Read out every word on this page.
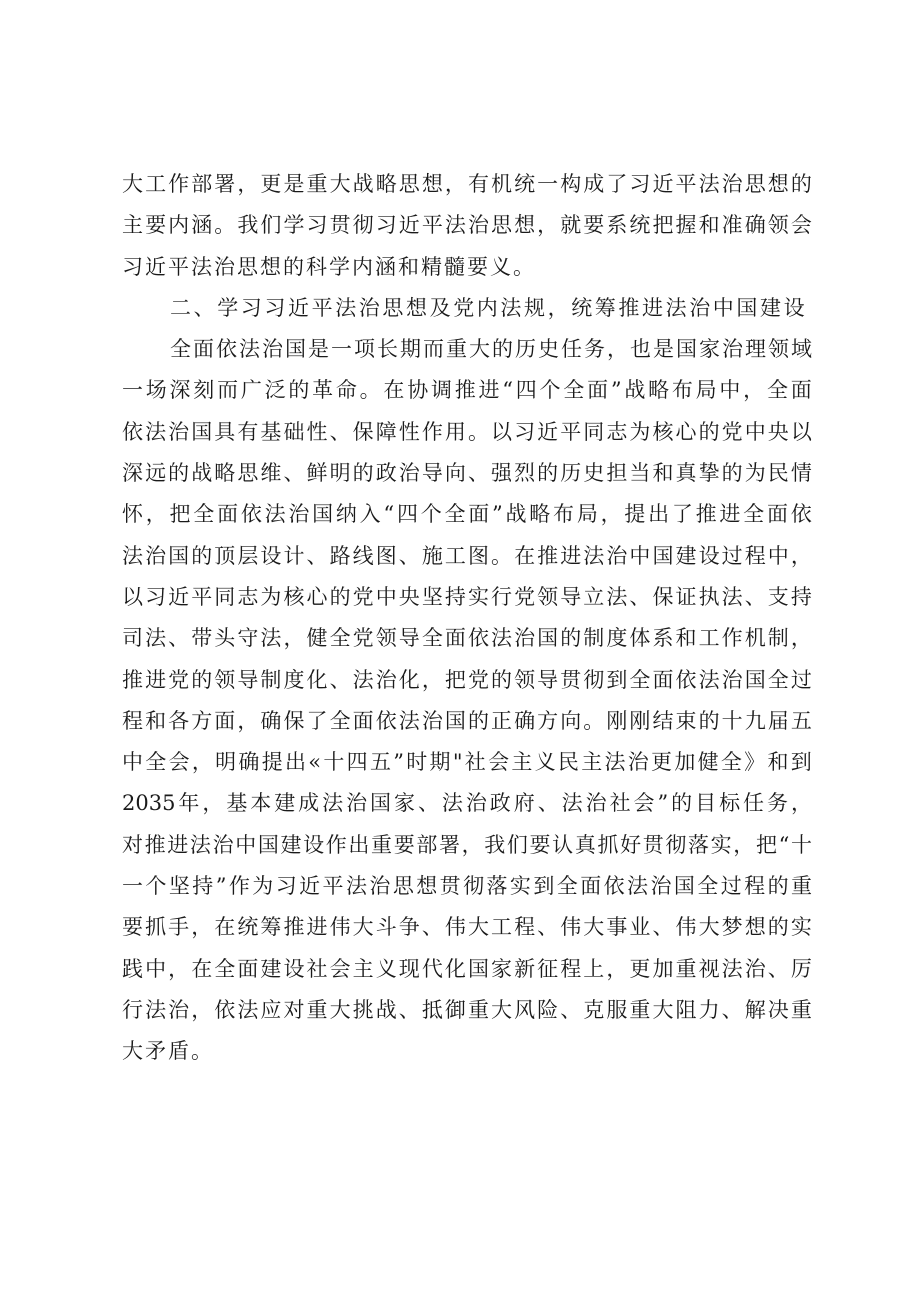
大 工 作 部 署 ， 更 是 重 大 战 略 思 想 ， 有 机 统 一 构 成 了 习 近 平 法 治 思 想 的
主 要 内 涵 。 我 们 学 习 贯 彻 习 近 平 法 治 思 想 ， 就 要 系 统 把 握 和 准 确 领 会
习近平法治思想的科学内涵和精髓要义。
二、学习习近平法治思想及党内法规，统筹推进法治中国建设
全 面 依 法 治 国 是 一 项 长 期 而 重 大 的 历 史 任 务 ， 也 是 国 家 治 理 领 域
一 场 深 刻 而 广 泛 的 革 命 。 在 协 调 推 进 “ 四 个 全 面 ” 战 略 布 局 中 ， 全 面
依 法 治 国 具 有 基 础 性 、 保 障 性 作 用 。 以 习 近 平 同 志 为 核 心 的 党 中 央 以
深 远 的 战 略 思 维 、 鲜 明 的 政 治 导 向 、 强 烈 的 历 史 担 当 和 真 挚 的 为 民 情
怀 ， 把 全 面 依 法 治 国 纳 入 “ 四 个 全 面 ” 战 略 布 局 ， 提 出 了 推 进 全 面 依
法 治 国 的 顶 层 设 计 、 路 线 图 、 施 工 图 。 在 推 进 法 治 中 国 建 设 过 程 中 ，
以 习 近 平 同 志 为 核 心 的 党 中 央 坚 持 实 行 党 领 导 立 法 、 保 证 执 法 、 支 持
司 法 、 带 头 守 法 ， 健 全 党 领 导 全 面 依 法 治 国 的 制 度 体 系 和 工 作 机 制 ，
推 进 党 的 领 导 制 度 化 、 法 治 化 ， 把 党 的 领 导 贯 彻 到 全 面 依 法 治 国 全 过
程 和 各 方 面 ， 确 保 了 全 面 依 法 治 国 的 正 确 方 向 。 刚 刚 结 束 的 十 九 届 五
中 全 会 ， 明 确 提 出 « 十 四 五 ” 时 期 " 社 会 主 义 民 主 法 治 更 加 健 全 》 和 到
2035 年 ， 基 本 建 成 法 治 国 家 、 法 治 政 府 、 法 治 社 会 ” 的 目 标 任 务 ，
对 推 进 法 治 中 国 建 设 作 出 重 要 部 署 ， 我 们 要 认 真 抓 好 贯 彻 落 实 ， 把 “ 十
一 个 坚 持 ” 作 为 习 近 平 法 治 思 想 贯 彻 落 实 到 全 面 依 法 治 国 全 过 程 的 重
要 抓 手 ， 在 统 筹 推 进 伟 大 斗 争 、 伟 大 工 程 、 伟 大 事 业 、 伟 大 梦 想 的 实
践 中 ， 在 全 面 建 设 社 会 主 义 现 代 化 国 家 新 征 程 上 ， 更 加 重 视 法 治 、 厉
行 法 治 ， 依 法 应 对 重 大 挑 战 、 抵 御 重 大 风 险 、 克 服 重 大 阻 力 、 解 决 重
大矛盾。
